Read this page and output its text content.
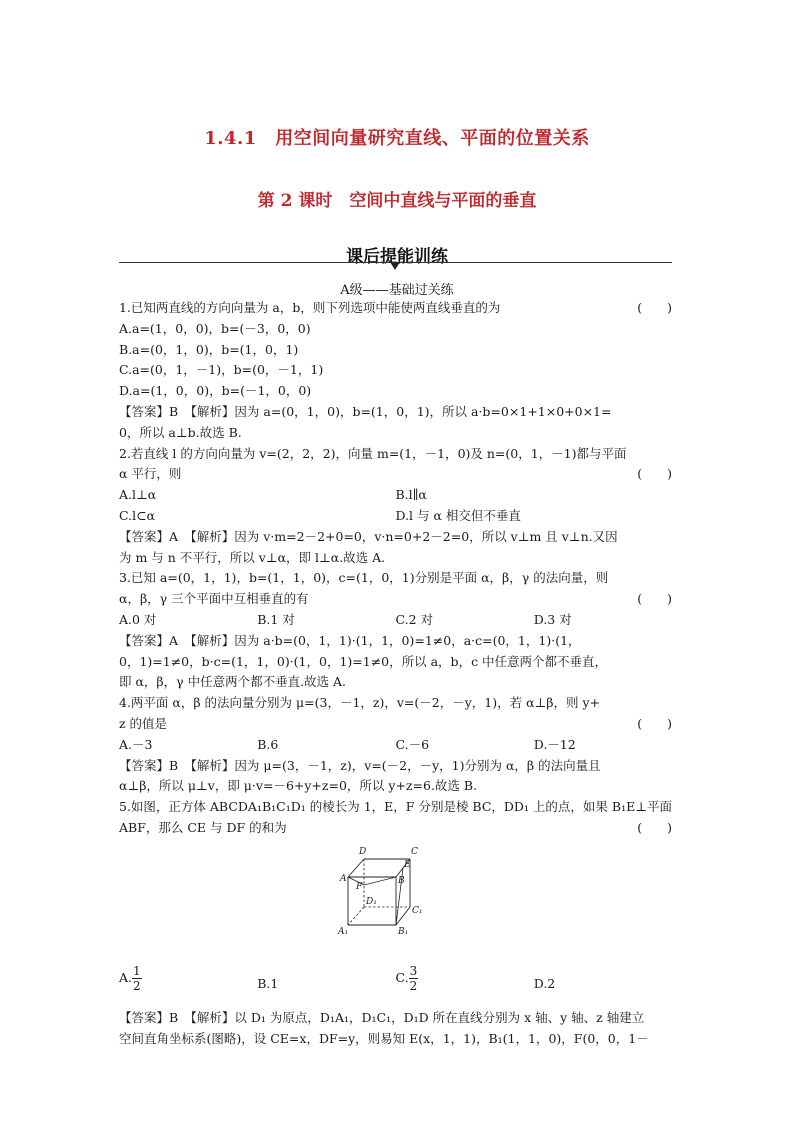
1.4.1　用空间向量研究直线、平面的位置关系
第 2 课时　空间中直线与平面的垂直
课后提能训练
A级——基础过关练
1.已知两直线的方向向量为 a，b，则下列选项中能使两直线垂直的为	(　　)
A.a=(1，0，0)，b=(－3，0，0)
B.a=(0，1，0)，b=(1，0，1)
C.a=(0，1，－1)，b=(0，－1，1)
D.a=(1，0，0)，b=(－1，0，0)
【答案】B　【解析】因为 a=(0，1，0)，b=(1，0，1)，所以 a·b=0×1+1×0+0×1=
0，所以 a⊥b.故选 B.
2.若直线 l 的方向向量为 v=(2，2，2)，向量 m=(1，－1，0)及 n=(0，1，－1)都与平面
α 平行，则	(　　)
A.l⊥α	B.l∥α
C.l⊂α	D.l 与 α 相交但不垂直
【答案】A　【解析】因为 v·m=2－2+0=0，v·n=0+2－2=0，所以 v⊥m 且 v⊥n.又因
为 m 与 n 不平行，所以 v⊥α，即 l⊥α.故选 A.
3.已知 a=(0，1，1)，b=(1，1，0)，c=(1，0，1)分别是平面 α，β，γ 的法向量，则
α，β，γ 三个平面中互相垂直的有	(　　)
A.0 对	B.1 对	C.2 对	D.3 对
【答案】A　【解析】因为 a·b=(0，1，1)·(1，1，0)=1≠0，a·c=(0，1，1)·(1，
0，1)=1≠0，b·c=(1，1，0)·(1，0，1)=1≠0，所以 a，b，c 中任意两个都不垂直，
即 α，β，γ 中任意两个都不垂直.故选 A.
4.两平面 α，β 的法向量分别为 μ=(3，－1，z)，v=(－2，－y，1)，若 α⊥β，则 y+
z 的值是	(　　)
A.－3	B.6	C.－6	D.－12
【答案】B　【解析】因为 μ=(3，－1，z)，v=(－2，－y，1)分别为 α，β 的法向量且
α⊥β，所以 μ⊥v，即 μ·v=－6+y+z=0，所以 y+z=6.故选 B.
5.如图，正方体 ABCDA₁B₁C₁D₁ 的棱长为 1，E，F 分别是棱 BC，DD₁ 上的点，如果 B₁E⊥平面
ABF，那么 CE 与 DF 的和为	(　　)
D	C
E
A
F
B
D₁
C₁
A₁	B₁
A. $\frac{1}{2}$	B.1	C. $\frac{3}{2}$	D.2
【答案】B　【解析】以 D₁ 为原点，D₁A₁，D₁C₁，D₁D 所在直线分别为 x 轴、y 轴、z 轴建立
空间直角坐标系(图略)，设 CE=x，DF=y，则易知 E(x，1，1)，B₁(1，1，0)，F(0，0，1－
